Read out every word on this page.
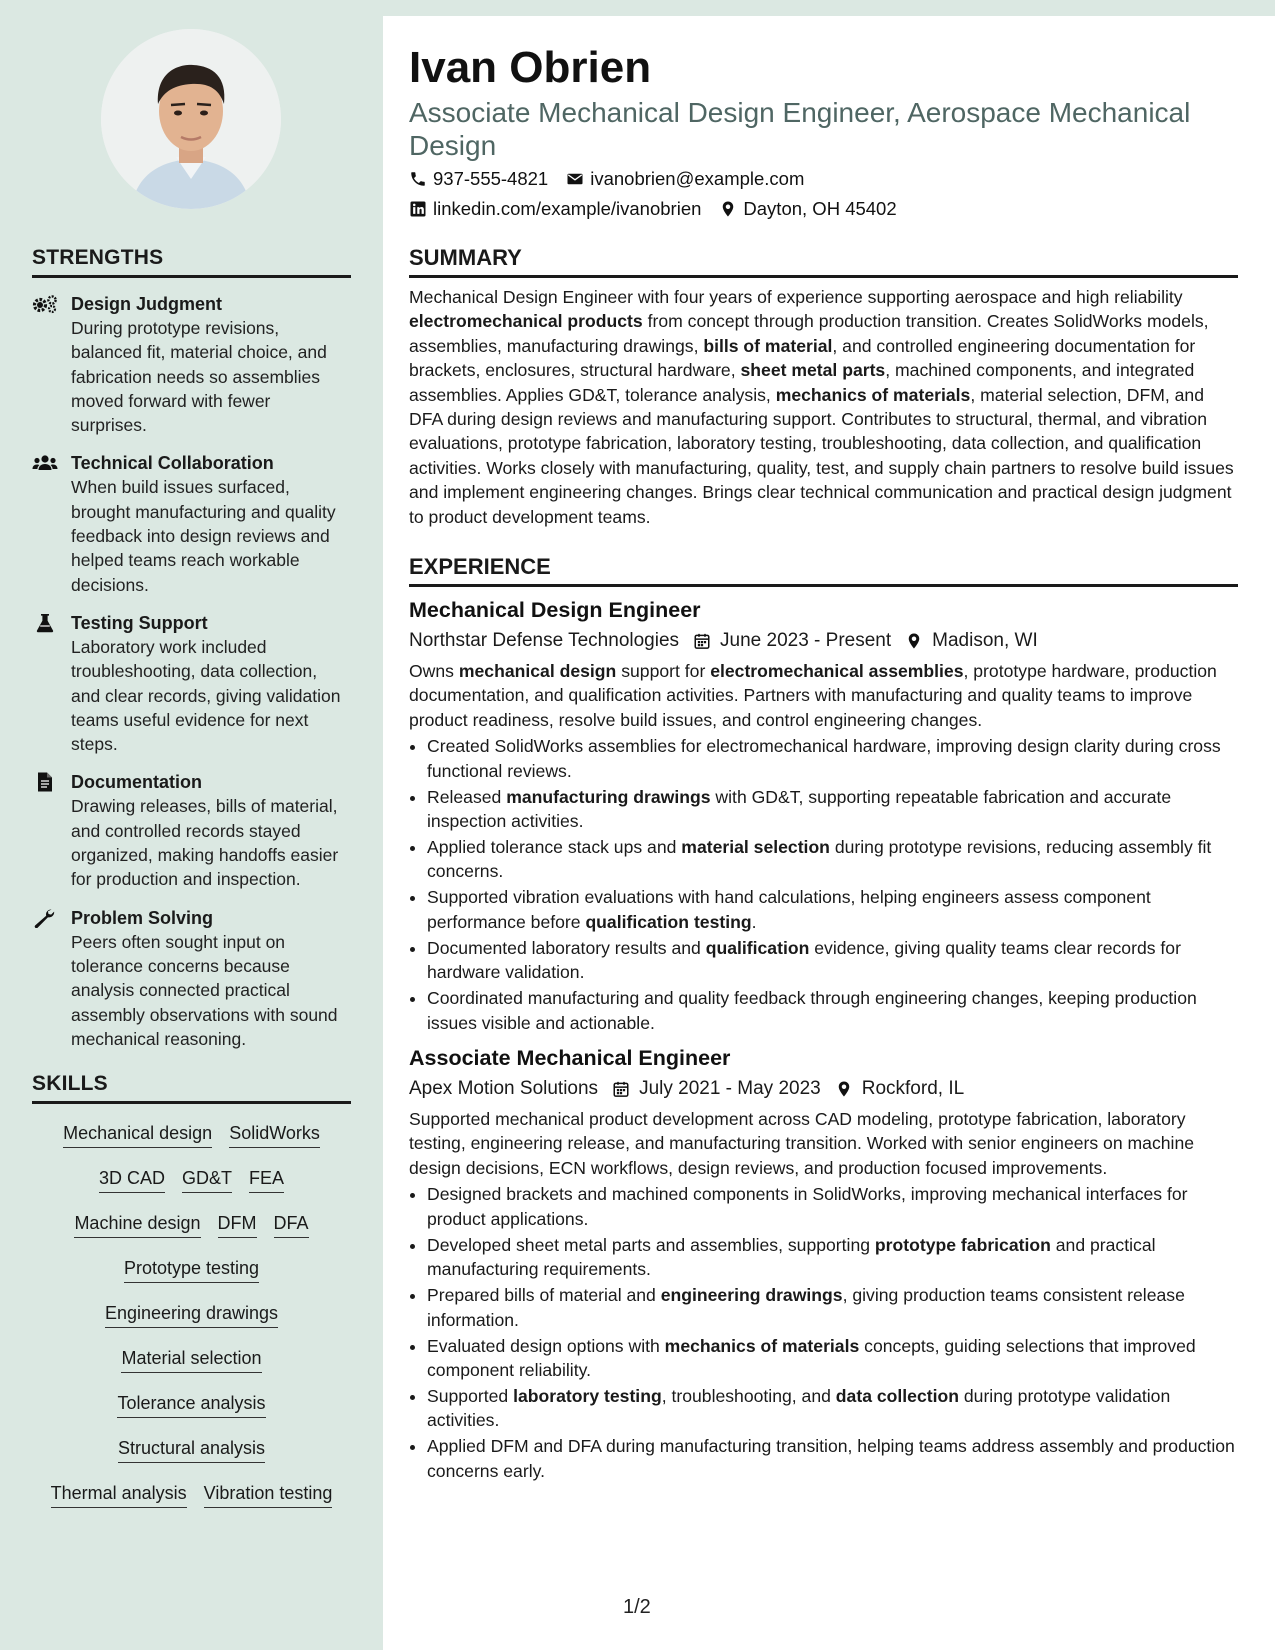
STRENGTHS
Design Judgment
During prototype revisions, balanced fit, material choice, and fabrication needs so assemblies moved forward with fewer surprises.
Technical Collaboration
When build issues surfaced, brought manufacturing and quality feedback into design reviews and helped teams reach workable decisions.
Testing Support
Laboratory work included troubleshooting, data collection, and clear records, giving validation teams useful evidence for next steps.
Documentation
Drawing releases, bills of material, and controlled records stayed organized, making handoffs easier for production and inspection.
Problem Solving
Peers often sought input on tolerance concerns because analysis connected practical assembly observations with sound mechanical reasoning.
SKILLS
Mechanical design SolidWorks
3D CAD GD&T FEA
Machine design DFM DFA
Prototype testing
Engineering drawings
Material selection
Tolerance analysis
Structural analysis
Thermal analysis Vibration testing
Ivan Obrien

Associate Mechanical Design Engineer, Aerospace Mechanical Design

937-555-4821 ivanobrien@example.com
linkedin.com/example/ivanobrien Dayton, OH 45402
SUMMARY

Mechanical Design Engineer with four years of experience supporting aerospace and high reliability electromechanical products from concept through production transition. Creates SolidWorks models, assemblies, manufacturing drawings, bills of material, and controlled engineering documentation for brackets, enclosures, structural hardware, sheet metal parts, machined components, and integrated assemblies. Applies GD&T, tolerance analysis, mechanics of materials, material selection, DFM, and DFA during design reviews and manufacturing support. Contributes to structural, thermal, and vibration evaluations, prototype fabrication, laboratory testing, troubleshooting, data collection, and qualification activities. Works closely with manufacturing, quality, test, and supply chain partners to resolve build issues and implement engineering changes. Brings clear technical communication and practical design judgment to product development teams.

EXPERIENCE
Mechanical Design Engineer
Northstar Defense Technologies June 2023 - Present Madison, WI

Owns mechanical design support for electromechanical assemblies, prototype hardware, production documentation, and qualification activities. Partners with manufacturing and quality teams to improve product readiness, resolve build issues, and control engineering changes.

• Created SolidWorks assemblies for electromechanical hardware, improving design clarity during cross functional reviews.
• Released manufacturing drawings with GD&T, supporting repeatable fabrication and accurate inspection activities.
• Applied tolerance stack ups and material selection during prototype revisions, reducing assembly fit concerns.
• Supported vibration evaluations with hand calculations, helping engineers assess component performance before qualification testing.
• Documented laboratory results and qualification evidence, giving quality teams clear records for hardware validation.
• Coordinated manufacturing and quality feedback through engineering changes, keeping production issues visible and actionable.
Associate Mechanical Engineer
Apex Motion Solutions July 2021 - May 2023 Rockford, IL

Supported mechanical product development across CAD modeling, prototype fabrication, laboratory testing, engineering release, and manufacturing transition. Worked with senior engineers on machine design decisions, ECN workflows, design reviews, and production focused improvements.

• Designed brackets and machined components in SolidWorks, improving mechanical interfaces for product applications.
• Developed sheet metal parts and assemblies, supporting prototype fabrication and practical manufacturing requirements.
• Prepared bills of material and engineering drawings, giving production teams consistent release information.
• Evaluated design options with mechanics of materials concepts, guiding selections that improved component reliability.
• Supported laboratory testing, troubleshooting, and data collection during prototype validation activities.
• Applied DFM and DFA during manufacturing transition, helping teams address assembly and production concerns early.
1/2
